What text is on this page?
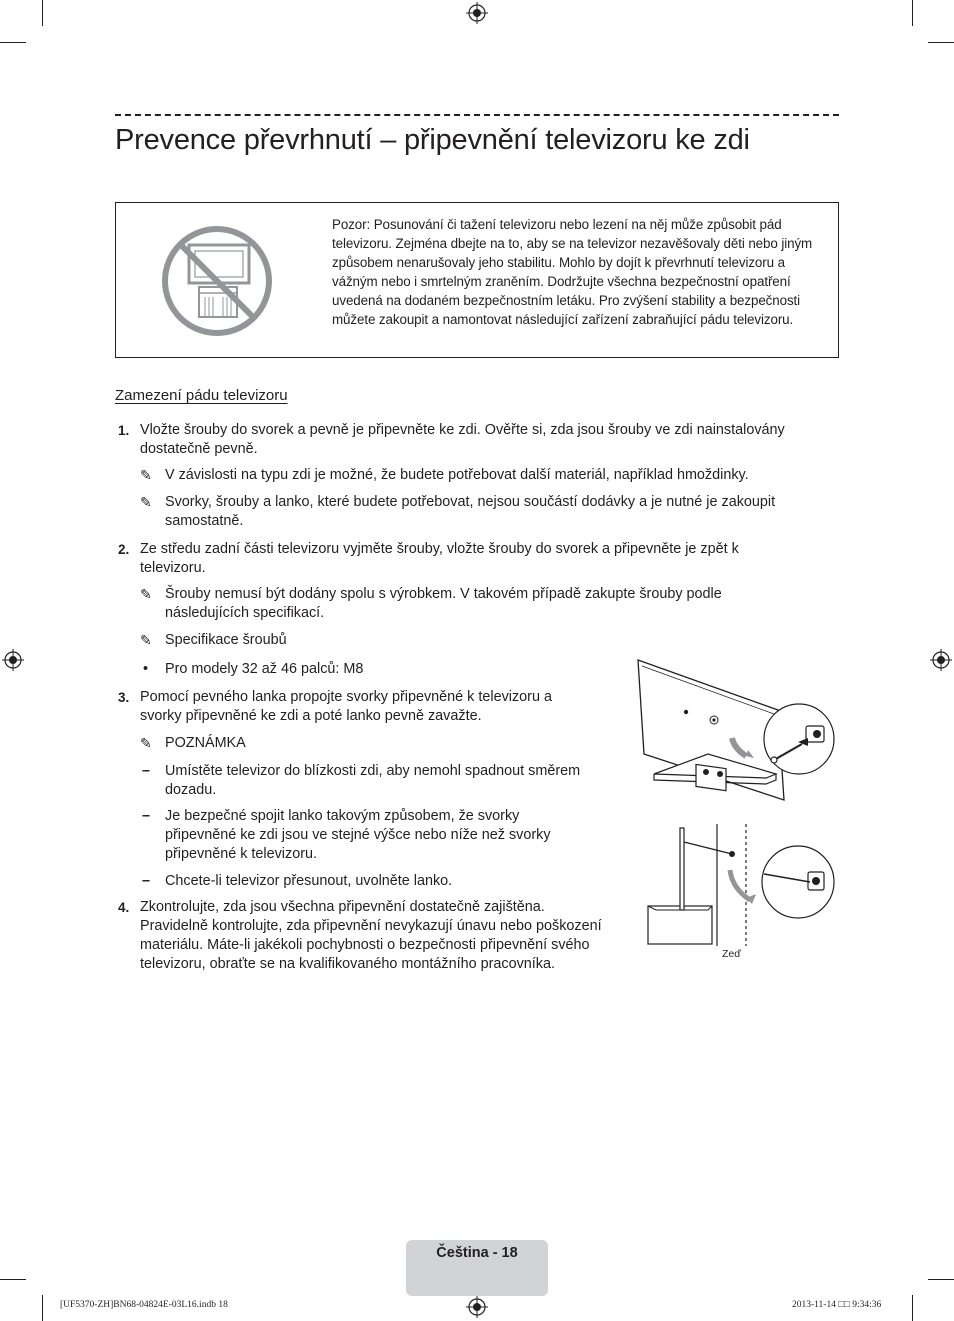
Prevence převrhnutí – připevnění televizoru ke zdi
Pozor: Posunování či tažení televizoru nebo lezení na něj může způsobit pád televizoru. Zejména dbejte na to, aby se na televizor nezavěšovaly děti nebo jiným způsobem nenarušovaly jeho stabilitu. Mohlo by dojít k převrhnutí televizoru a vážným nebo i smrtelným zraněním. Dodržujte všechna bezpečnostní opatření uvedená na dodaném bezpečnostním letáku. Pro zvýšení stability a bezpečnosti můžete zakoupit a namontovat následující zařízení zabraňující pádu televizoru.
Zamezení pádu televizoru
1. Vložte šrouby do svorek a pevně je připevněte ke zdi. Ověřte si, zda jsou šrouby ve zdi nainstalovány dostatečně pevně.
✎ V závislosti na typu zdi je možné, že budete potřebovat další materiál, například hmoždinky.
✎ Svorky, šrouby a lanko, které budete potřebovat, nejsou součástí dodávky a je nutné je zakoupit samostatně.
2. Ze středu zadní části televizoru vyjměte šrouby, vložte šrouby do svorek a připevněte je zpět k televizoru.
✎ Šrouby nemusí být dodány spolu s výrobkem. V takovém případě zakupte šrouby podle následujících specifikací.
✎ Specifikace šroubů
• Pro modely 32 až 46 palců: M8
3. Pomocí pevného lanka propojte svorky připevněné k televizoru a svorky připevněné ke zdi a poté lanko pevně zavažte.
✎ POZNÁMKA
– Umístěte televizor do blízkosti zdi, aby nemohl spadnout směrem dozadu.
– Je bezpečné spojit lanko takovým způsobem, že svorky připevněné ke zdi jsou ve stejné výšce nebo níže než svorky připevněné k televizoru.
– Chcete-li televizor přesunout, uvolněte lanko.
4. Zkontrolujte, zda jsou všechna připevnění dostatečně zajištěna. Pravidelně kontrolujte, zda připevnění nevykazují únavu nebo poškození materiálu. Máte-li jakékoli pochybnosti o bezpečnosti připevnění svého televizoru, obraťte se na kvalifikovaného montážního pracovníka.
Zeď
Čeština - 18
[UF5370-ZH]BN68-04824E-03L16.indb 18	2013-11-14 □□ 9:34:36
